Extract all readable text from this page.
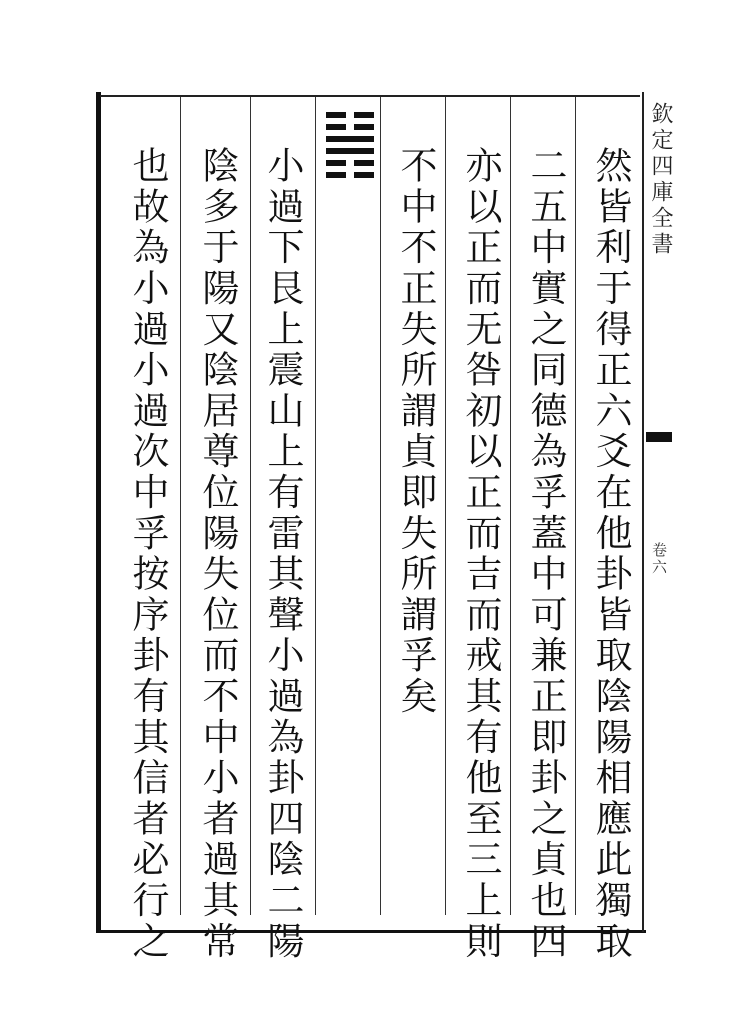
欽定四庫全書
卷六
然皆利于得正六爻在他卦皆取陰陽相應此獨取
二五中實之同德為孚蓋中可兼正即卦之貞也四
亦以正而无咎初以正而吉而戒其有他至三上則
不中不正失所謂貞即失所謂孚矣
小過下艮上震山上有雷其聲小過為卦四陰二陽
陰多于陽又陰居尊位陽失位而不中小者過其常
也故為小過小過次中孚按序卦有其信者必行之
